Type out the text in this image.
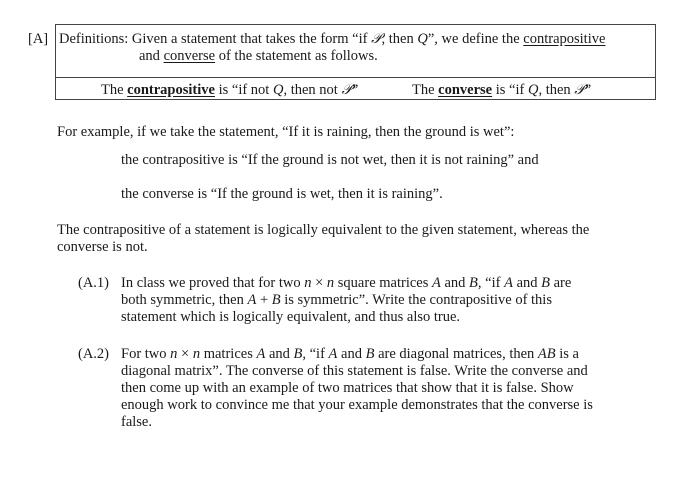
[A] Definitions: Given a statement that takes the form “if 𝒫, then Q”, we define the contrapositive
and converse of the statement as follows.
The contrapositive is “if not Q, then not 𝒫”	The converse is “if Q, then 𝒫”
For example, if we take the statement, “If it is raining, then the ground is wet”:
the contrapositive is “If the ground is not wet, then it is not raining” and
the converse is “If the ground is wet, then it is raining”.
The contrapositive of a statement is logically equivalent to the given statement, whereas the
converse is not.
(A.1) In class we proved that for two n × n square matrices A and B, “if A and B are
both symmetric, then A + B is symmetric”. Write the contrapositive of this
statement which is logically equivalent, and thus also true.
(A.2) For two n × n matrices A and B, “if A and B are diagonal matrices, then AB is a
diagonal matrix”. The converse of this statement is false. Write the converse and
then come up with an example of two matrices that show that it is false. Show
enough work to convince me that your example demonstrates that the converse is
false.
